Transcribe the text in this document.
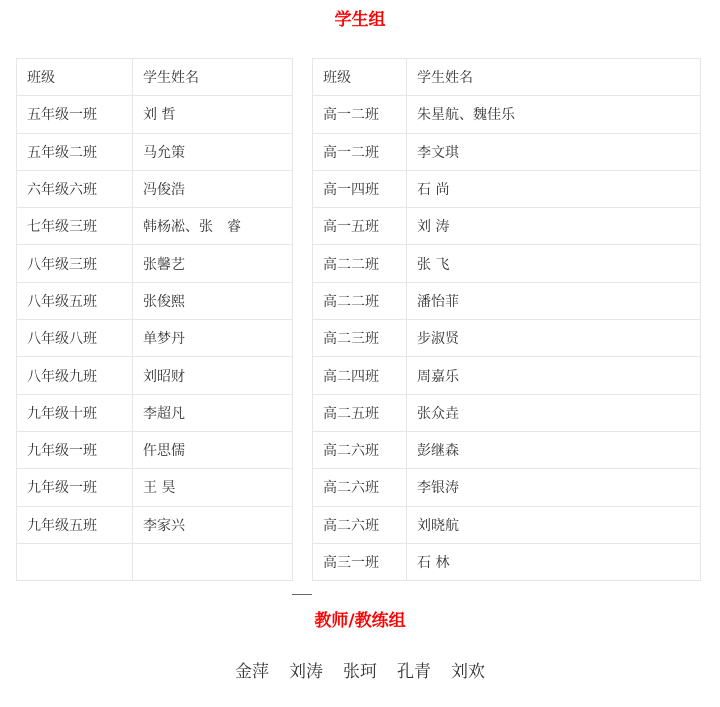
学生组
班级	学生姓名
五年级一班	刘 哲
五年级二班	马允策
六年级六班	冯俊浩
七年级三班	韩杨凇、张　睿
八年级三班	张馨艺
八年级五班	张俊熙
八年级八班	单梦丹
八年级九班	刘昭财
九年级十班	李超凡
九年级一班	仵思儒
九年级一班	王 昊
九年级五班	李家兴

班级	学生姓名
高一二班	朱星航、魏佳乐
高一二班	李文琪
高一四班	石 尚
高一五班	刘 涛
高二二班	张 飞
高二二班	潘怡菲
高二三班	步淑贤
高二四班	周嘉乐
高二五班	张众垚
高二六班	彭继森
高二六班	李银涛
高二六班	刘晓航
高三一班	石 林
教师/教练组
金萍 刘涛 张珂 孔青 刘欢
